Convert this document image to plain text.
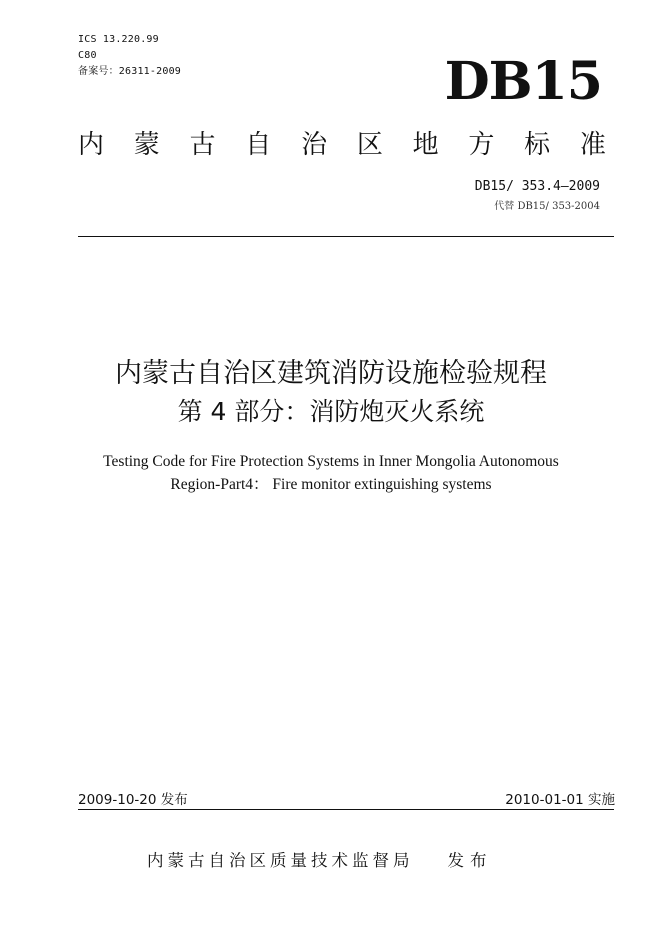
ICS 13.220.99
C80
备案号：26311-2009	DB15
内 蒙 古 自 治 区 地 方 标 准
DB15/ 353.4—2009
代替 DB15/ 353-2004
内蒙古自治区建筑消防设施检验规程
第 4 部分：消防炮灭火系统
Testing Code for Fire Protection Systems in Inner Mongolia Autonomous
Region-Part4： Fire monitor extinguishing systems
2009-10-20 发布	2010-01-01 实施
内蒙古自治区质量技术监督局 发布
